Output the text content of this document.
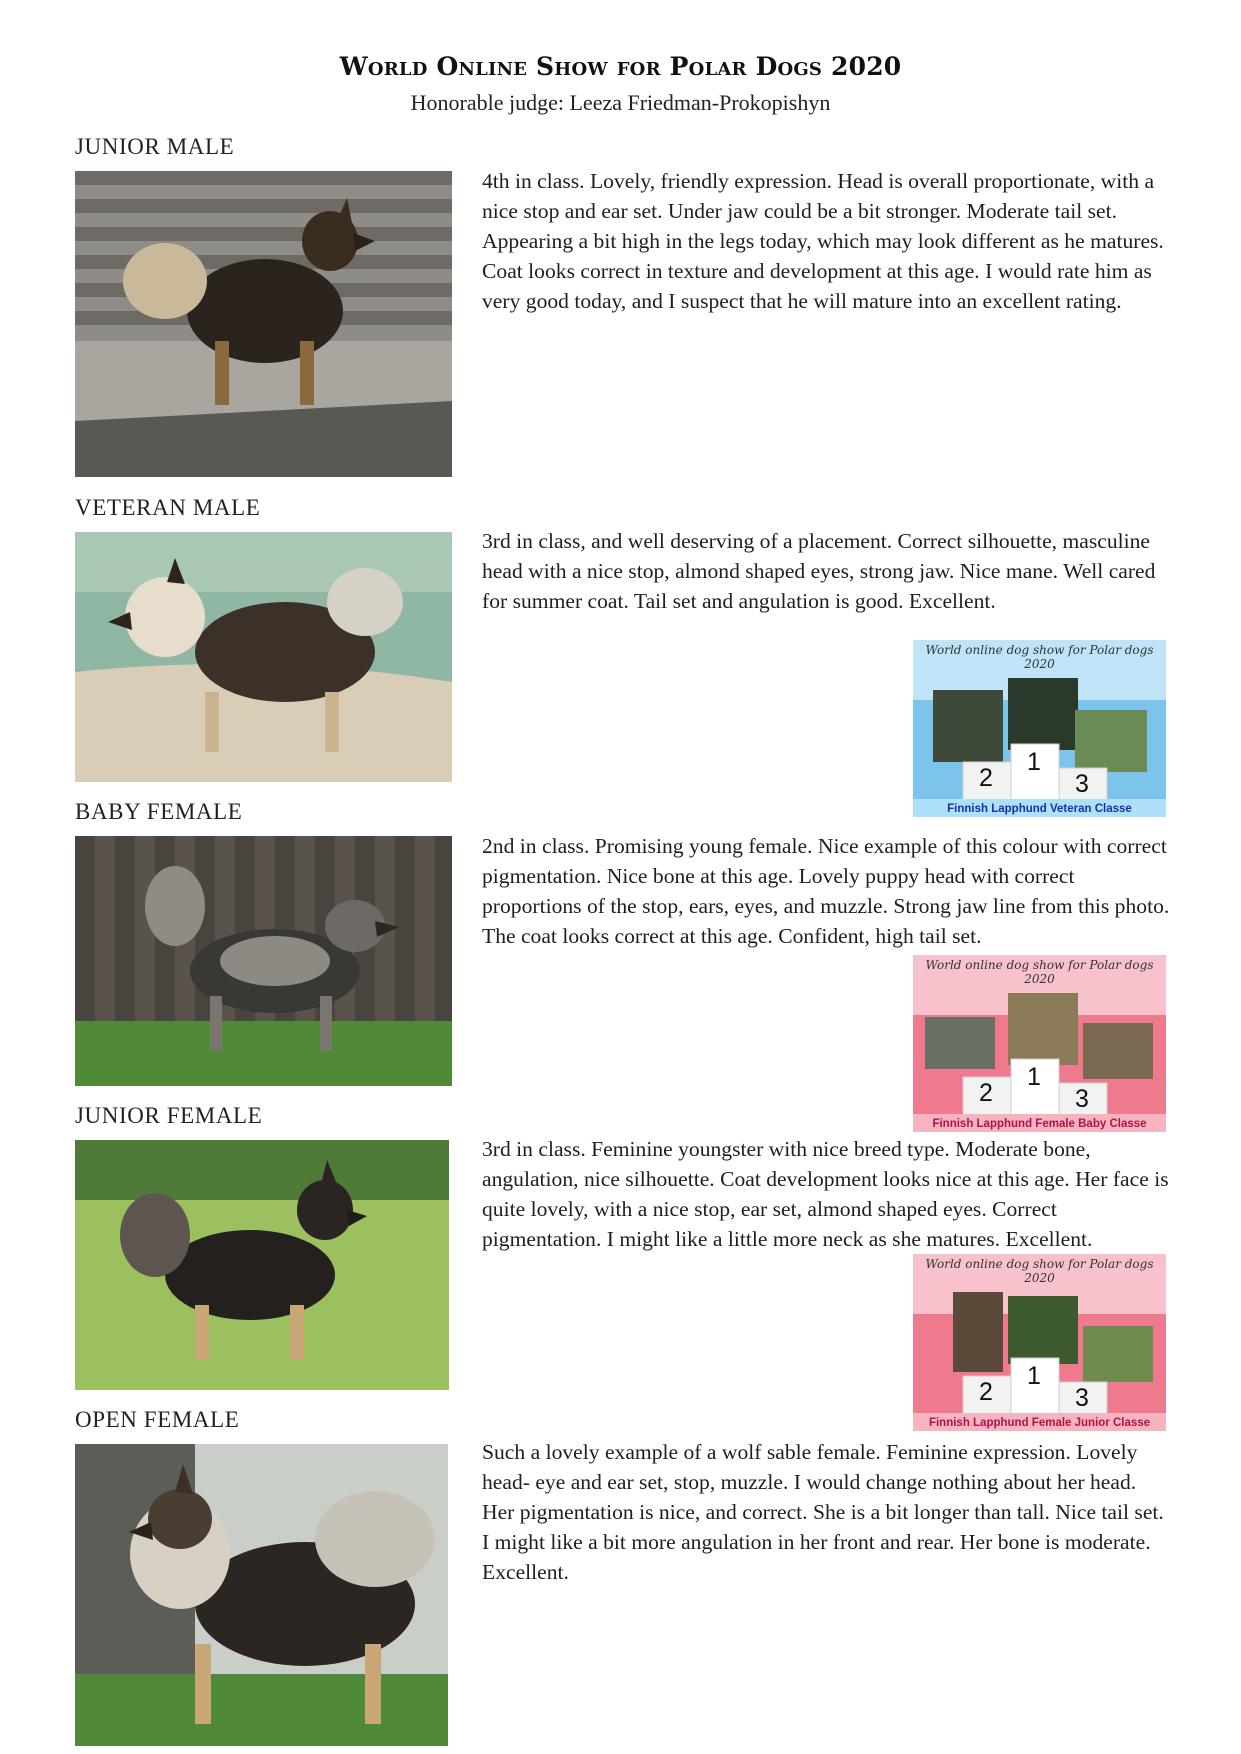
World Online Show for Polar Dogs 2020
Honorable judge: Leeza Friedman-Prokopishyn
JUNIOR MALE

4th in class. Lovely, friendly expression. Head is overall proportionate, with a nice stop and ear set. Under jaw could be a bit stronger. Moderate tail set. Appearing a bit high in the legs today, which may look different as he matures. Coat looks correct in texture and development at this age. I would rate him as very good today, and I suspect that he will mature into an excellent rating.

VETERAN MALE

3rd in class, and well deserving of a placement. Correct silhouette, masculine head with a nice stop, almond shaped eyes, strong jaw. Nice mane. Well cared for summer coat. Tail set and angulation is good. Excellent.

World online dog show for Polar dogs 2020
2
1
3
Finnish Lapphund Veteran Classe
BABY FEMALE

2nd in class. Promising young female. Nice example of this colour with correct pigmentation. Nice bone at this age. Lovely puppy head with correct proportions of the stop, ears, eyes, and muzzle. Strong jaw line from this photo. The coat looks correct at this age. Confident, high tail set.

World online dog show for Polar dogs 2020
2
1
3
Finnish Lapphund Female Baby Classe
JUNIOR FEMALE

3rd in class. Feminine youngster with nice breed type. Moderate bone, angulation, nice silhouette. Coat development looks nice at this age. Her face is quite lovely, with a nice stop, ear set, almond shaped eyes. Correct pigmentation. I might like a little more neck as she matures. Excellent.

World online dog show for Polar dogs 2020
2
1
3
Finnish Lapphund Female Junior Classe
OPEN FEMALE

Such a lovely example of a wolf sable female. Feminine expression. Lovely head- eye and ear set, stop, muzzle. I would change nothing about her head. Her pigmentation is nice, and correct. She is a bit longer than tall. Nice tail set. I might like a bit more angulation in her front and rear. Her bone is moderate. Excellent.
